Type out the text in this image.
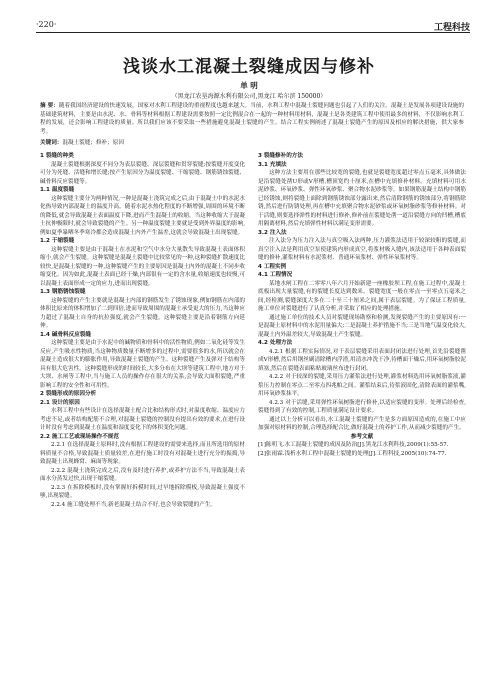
·220·	工程科技
浅谈水工混凝土裂缝成因与修补
单 明
（黑龙江农垦海源水利有限公司,黑龙江 哈尔滨 150000）
摘 要：随着我国经济建设的快速发展，国家对水利工程建设的重视程度也越来越大。当前，水利工程中混凝土裂缝问题也引起了人们的关注。混凝土是发展各项建设设施的基础建筑材料，主要是由水泥、水、骨料等材料根据工程建设需要按照一定比例混合在一起的一种材料用材料，混凝土是各类建筑工程中使用最多的材料，不仅影响水利工程的发展，还会影响工程建设的质量。所以我们应该不要采取一些措施避免混凝土裂缝的产生。结合工程实例阐述了混凝土裂缝产生的原因及相应的解决措施，供大家参考。
关键词：混凝土裂缝；修补；原因

1 裂缝的种类

混凝土裂缝根据深度不同分为表层裂缝、深层裂缝和贯穿裂缝;按裂缝开度变化可分为死缝、活缝和增长缝;按产生原因分为温度裂缝、干缩裂缝、钢筋锈蚀裂缝、碱骨料反应裂缝等。

1.1 温度裂缝

这种裂缝主要分为两种情况,一种是混凝土浇筑完成之后,由于混凝土中的水泥水化热导致内部混凝土的温度升高。随着水泥水热化程度的不断增强,周围的环境不断的降低,就会导致混凝土表面温度下降,进而产生混凝土的收缩。当这种收缩大于混凝土抗伸极限时,就会导致裂缝的产生。另一种温度裂缝主要就是受到外界温度的影响,例如夏季暴晒冬季寒冷都会造成混凝土内外产生温差,这就会导致混凝土出现裂缝。

1.2 干缩裂缝

这种裂缝主要是由于混凝土在水泥和空气中水分大量散失导致混凝土表面体积缩小,就会产生裂缝。这种裂缝是混凝土裂缝中比较常见的一种,这种裂缝扩散速度比较快,是混凝土裂缝的一种,这种裂缝产生的主要原因是混凝土内外的混凝土不同步收缩变化。因为如此,混凝土表面已经干燥,内部很有一定的含水量,收缩速度也较慢,可以混凝土表面形成一定的应力,进而出现裂缝。

1.3 钢筋锈蚀裂缝

这种裂缝的产生主要就是混凝土内部的钢筋发生了锈蚀现象,例如钢筋在内部的体积比原来的体积增加了二到四倍,进而导致周围的混凝土承受更大的压力,当这种应力超过了混凝土自身的抗拉强度,就会产生裂缝。这种裂缝主要是沿着钢筋方向延伸。

1.4 碱骨料反应裂缝

这种裂缝主要是由于水泥中的碱物质和骨料中的活性物质,例如二氧化硅等发生反应,产生吸水性物质,当这种物质数量不断增多的过程中,需要很多的水,所以就会在混凝土造成很大的膨胀作用,导致混凝土裂缝的产生。这种裂缝产生及弹对于结构等具有很大危害性。这种裂缝形成的时间较长,大多分布在大坝等建筑工程中,地方对于大坝、水闸等工程中,当与施工人员的操作存在很大的关系,会导致大面积裂缝,严重影响工程的安全性和可用性。

2 裂缝形成的原因分析

2.1 设计的原因

水利工程中有些设计在选择混凝土配合比和结构形式时,对温度收缩、温度应力考虑不足,或者结构配筋不合理,对混凝土裂缝的控制没有提出有效的要求,在进行设计时没有考虑到混凝土在温度和湿度变化下的体积变化问题。

2.2 施工工艺或现场操作不规范

2.2.1 在选择混凝土原料时,没有根据工程建设的需要来选择,而且所选用的原材料质量不合格,导致混凝土质量较差,在进行施工时没有对混凝土进行充分的振捣,导致混凝土出现蜂窝、麻面等现象。

2.2.2 混凝土浇筑完成之后,没有及时进行养护,或养护方法不当,导致混凝土表面水分蒸发过快,出现干缩裂缝。

2.2.3 在拆除模板时,没有掌握好拆模时间,过早地拆除模板,导致混凝土强度不够,出现裂缝。

2.2.4 施工缝处理不当,新老混凝土结合不好,也会导致裂缝的产生。

3 裂缝修补的方法

3.1 充填法

这种方法主要用在那些比较宽的裂缝,也就是裂缝宽度超过零点五毫米,具体做法是沿裂缝处凿U形或V形槽,槽顶宽约十厘米,在槽中充填修补材料。充填材料可用水泥砂浆、环氧砂浆、弹性环氧砂浆、聚合物水泥砂浆等。如果钢筋混凝土结构中钢筋已经锈蚀,则将裂缝上面除到钢筋锈蚀部分露出来,然后清除钢筋的锈蚀部分,将钢筋除锈,然后进行防锈处理,再在槽中充填聚合物水泥砂浆或环氧树脂砂浆等修补材料。对于活缝,则要选择弹性的材料进行修补,修补前在裂缝处凿一道沿裂缝方向的凹槽,槽底用隔离材料,然后充填弹性材料以满足变形需要。

3.2 注入法

注入法分为压力注入法与真空吸入法两种,压力灌浆法适用于较深较粗的裂缝,而真空注入法是利用真空泵使建筑内形成真空,将浆材吸入缝内,该法适用于各种表面裂缝的修补,灌浆材料有水泥浆材、普通环氧浆材、弹性环氧浆材等。

4 工程实例

4.1 工程情况

某地水闸工程在二零零八年六月开始新建一座橡胶坝工程,在施工过程中,混凝土底板出现大量裂缝,有的裂缝长度达到数米。裂缝宽度一般在零点一至零点五毫米之间,经检测,裂缝深度大多在二十至三十厘米之间,属于表层裂缝。为了保证工程质量,施工单位对裂缝进行了认真分析,并采取了相应的处理措施。

通过施工单位的技术人员对裂缝现场勘察和检测,发现裂缝产生的主要原因有:一是混凝土原材料中的水泥用量偏大;二是混凝土养护措施不当;三是当地气温变化较大,混凝土内外温差较大,导致混凝土产生裂缝。

4.2 处理方法

4.2.1 根据工程实际情况,对于表层裂缝采用表面封闭法进行处理,首先沿裂缝凿成V形槽,然后用钢丝刷清除槽内浮渣,用清水冲洗干净,待槽面干燥后,用环氧树脂胶泥填塞,然后在裂缝表面粘贴玻璃丝布进行封闭。

4.2.2 对于较深的裂缝,采用压力灌浆法进行处理,灌浆材料选用环氧树脂浆液,灌浆压力控制在零点二至零点四兆帕之间。灌浆结束后,待浆液固化,清除表面的灌浆嘴,用环氧砂浆抹平。

4.2.3 对于活缝,采用弹性环氧树脂进行修补,以适应裂缝的变形。处理后经检查,裂缝得到了有效的控制,工程质量满足设计要求。

通过以上分析可以看出,水工混凝土裂缝的产生是多方面原因造成的,在施工中应加强对原材料的控制,合理选择配合比,做好混凝土的养护工作,从而减少裂缝的产生。

参考文献

[1]陈明飞.水工混凝土裂缝的成因及防治[J].黑龙江水利科技,2009(1):55-57.

[2]张雨霖.浅析水利工程中混凝土裂缝的处理[J].工程科技,2005(10):74-77.
